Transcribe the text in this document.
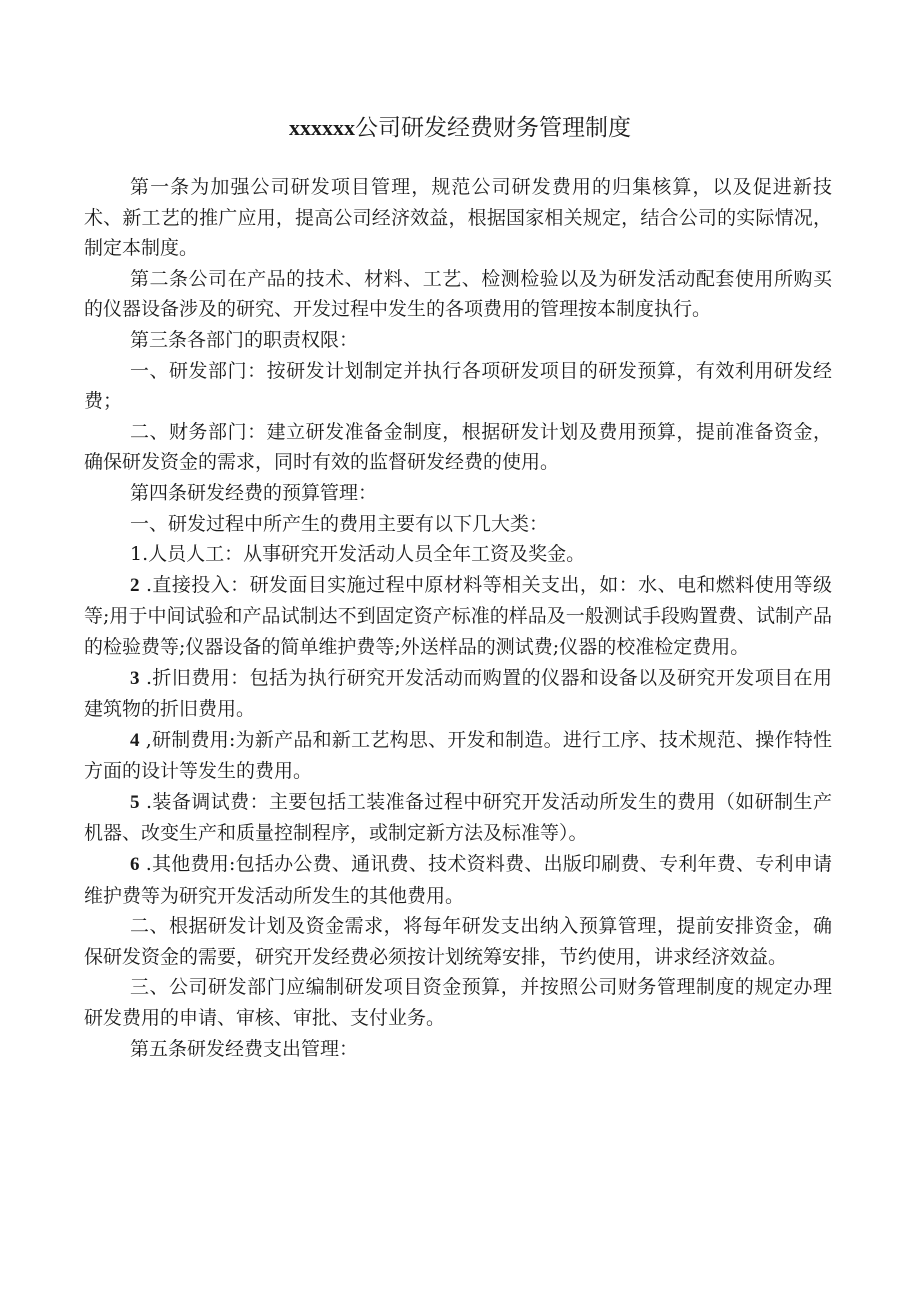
xxxxxx公司研发经费财务管理制度

第一条为加强公司研发项目管理，规范公司研发费用的归集核算，以及促进新技术、新工艺的推广应用，提高公司经济效益，根据国家相关规定，结合公司的实际情况，制定本制度。

第二条公司在产品的技术、材料、工艺、检测检验以及为研发活动配套使用所购买的仪器设备涉及的研究、开发过程中发生的各项费用的管理按本制度执行。

第三条各部门的职责权限：

一、研发部门：按研发计划制定并执行各项研发项目的研发预算，有效利用研发经费；

二、财务部门：建立研发准备金制度，根据研发计划及费用预算，提前准备资金，确保研发资金的需求，同时有效的监督研发经费的使用。

第四条研发经费的预算管理：

一、研发过程中所产生的费用主要有以下几大类：

1.人员人工：从事研究开发活动人员全年工资及奖金。

2 .直接投入：研发面目实施过程中原材料等相关支出，如：水、电和燃料使用等级等;用于中间试验和产品试制达不到固定资产标准的样品及一般测试手段购置费、试制产品的检验费等;仪器设备的简单维护费等;外送样品的测试费;仪器的校准检定费用。

3 .折旧费用：包括为执行研究开发活动而购置的仪器和设备以及研究开发项目在用建筑物的折旧费用。

4 ,研制费用:为新产品和新工艺构思、开发和制造。进行工序、技术规范、操作特性方面的设计等发生的费用。

5 .装备调试费：主要包括工装准备过程中研究开发活动所发生的费用（如研制生产机器、改变生产和质量控制程序，或制定新方法及标准等）。

6 .其他费用:包括办公费、通讯费、技术资料费、出版印刷费、专利年费、专利申请维护费等为研究开发活动所发生的其他费用。

二、根据研发计划及资金需求，将每年研发支出纳入预算管理，提前安排资金，确保研发资金的需要，研究开发经费必须按计划统筹安排，节约使用，讲求经济效益。

三、公司研发部门应编制研发项目资金预算，并按照公司财务管理制度的规定办理研发费用的申请、审核、审批、支付业务。

第五条研发经费支出管理：
